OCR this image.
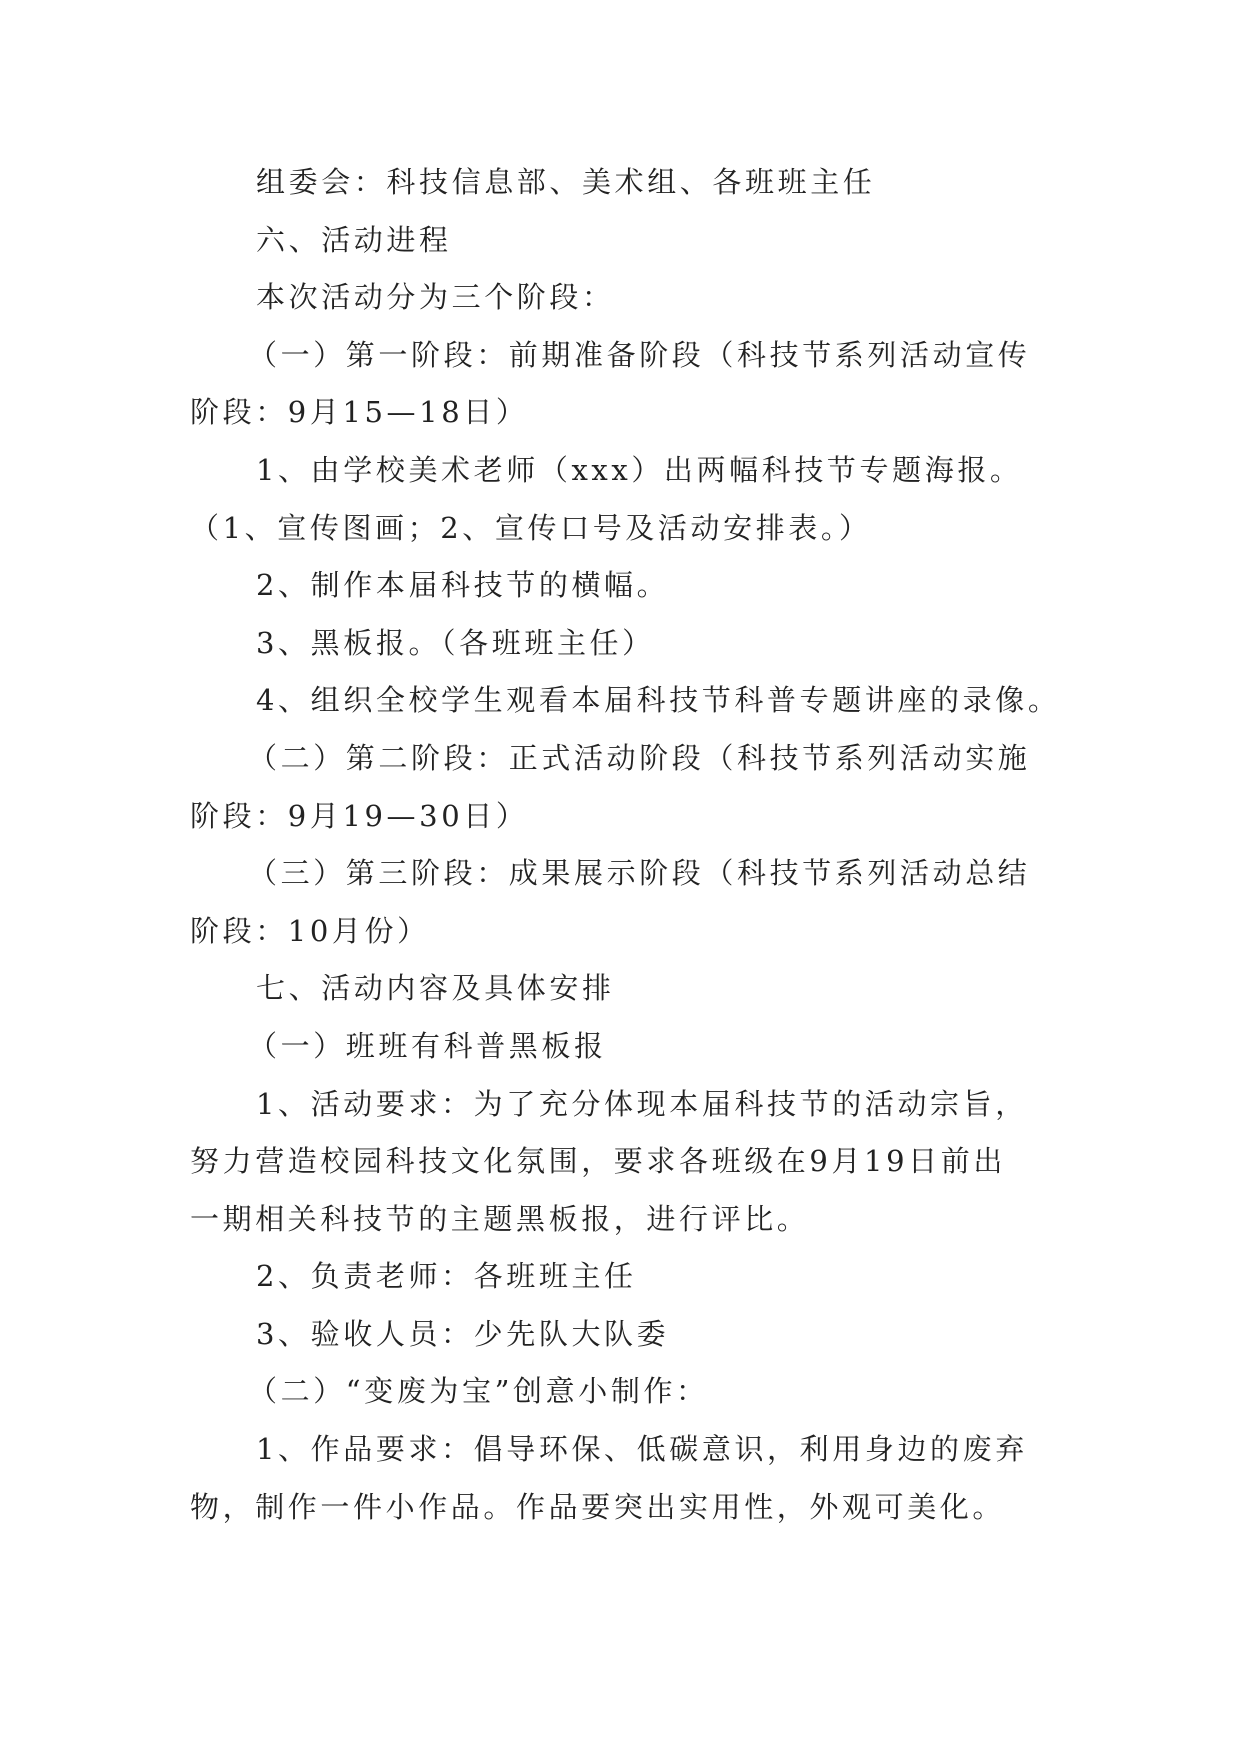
组委会：科技信息部、美术组、各班班主任
六、活动进程
本次活动分为三个阶段：
（一）第一阶段：前期准备阶段（科技节系列活动宣传
阶段：9月15—18日）
1、由学校美术老师（xxx）出两幅科技节专题海报。
（1、宣传图画；2、宣传口号及活动安排表。）
2、制作本届科技节的横幅。
3、黑板报。（各班班主任）
4、组织全校学生观看本届科技节科普专题讲座的录像。
（二）第二阶段：正式活动阶段（科技节系列活动实施
阶段：9月19—30日）
（三）第三阶段：成果展示阶段（科技节系列活动总结
阶段：10月份）
七、活动内容及具体安排
（一）班班有科普黑板报
1、活动要求：为了充分体现本届科技节的活动宗旨，
努力营造校园科技文化氛围，要求各班级在9月19日前出
一期相关科技节的主题黑板报，进行评比。
2、负责老师：各班班主任
3、验收人员：少先队大队委
（二）“变废为宝”创意小制作：
1、作品要求：倡导环保、低碳意识，利用身边的废弃
物，制作一件小作品。作品要突出实用性，外观可美化。
